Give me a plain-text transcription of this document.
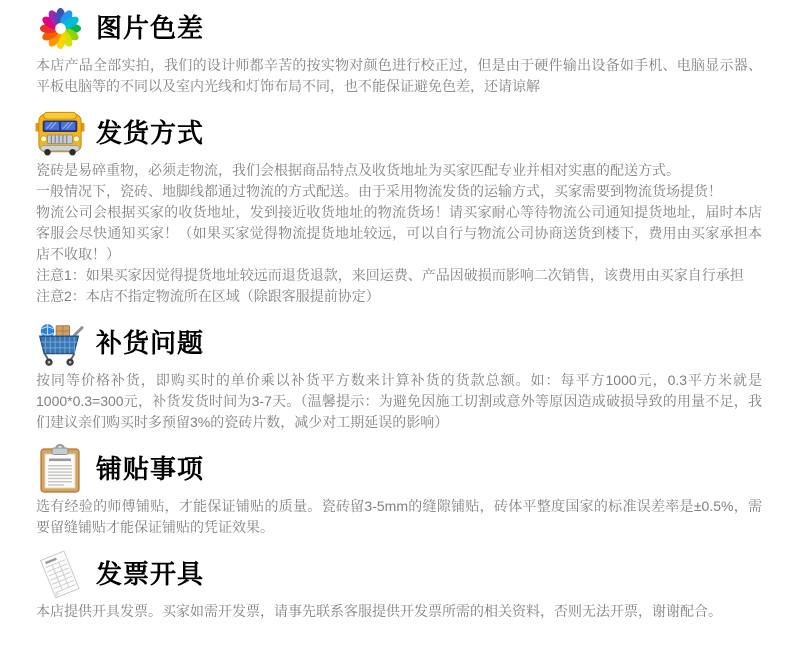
图片色差

本店产品全部实拍，我们的设计师都辛苦的按实物对颜色进行校正过，但是由于硬件输出设备如手机、电脑显示器、平板电脑等的不同以及室内光线和灯饰布局不同，也不能保证避免色差，还请谅解

发货方式

瓷砖是易碎重物，必须走物流，我们会根据商品特点及收货地址为买家匹配专业并相对实惠的配送方式。

一般情况下，瓷砖、地脚线都通过物流的方式配送。由于采用物流发货的运输方式，买家需要到物流货场提货！

物流公司会根据买家的收货地址，发到接近收货地址的物流货场！请买家耐心等待物流公司通知提货地址，届时本店客服会尽快通知买家！（如果买家觉得物流提货地址较远，可以自行与物流公司协商送货到楼下，费用由买家承担本店不收取！）

注意1：如果买家因觉得提货地址较远而退货退款，来回运费、产品因破损而影响二次销售，该费用由买家自行承担

注意2：本店不指定物流所在区域（除跟客服提前协定）

补货问题

按同等价格补货，即购买时的单价乘以补货平方数来计算补货的货款总额。如：每平方1000元，0.3平方米就是1000*0.3=300元，补货发货时间为3-7天。（温馨提示：为避免因施工切割或意外等原因造成破损导致的用量不足，我们建议亲们购买时多预留3%的瓷砖片数，减少对工期延误的影响）

铺贴事项

选有经验的师傅铺贴，才能保证铺贴的质量。瓷砖留3-5mm的缝隙铺贴，砖体平整度国家的标准误差率是±0.5%，需要留缝铺贴才能保证铺贴的凭证效果。

发票开具

本店提供开具发票。买家如需开发票，请事先联系客服提供开发票所需的相关资料，否则无法开票，谢谢配合。
